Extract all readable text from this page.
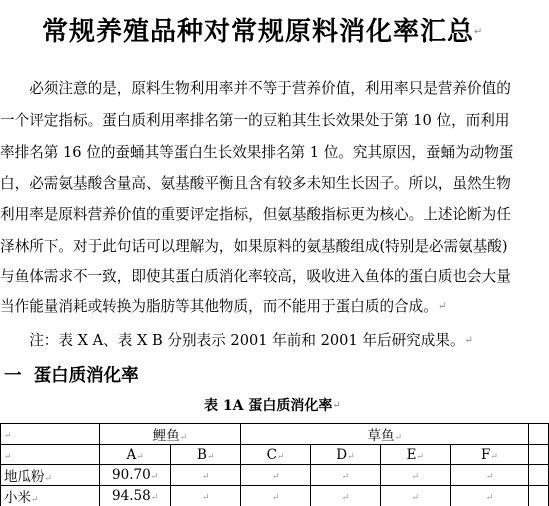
常规养殖品种对常规原料消化率汇总↵
　　必须注意的是，原料生物利用率并不等于营养价值，利用率只是营养价值的
一个评定指标。蛋白质利用率排名第一的豆粕其生长效果处于第 10 位，而利用
率排名第 16 位的蚕蛹其等蛋白生长效果排名第 1 位。究其原因，蚕蛹为动物蛋
白，必需氨基酸含量高、氨基酸平衡且含有较多未知生长因子。所以，虽然生物
利用率是原料营养价值的重要评定指标，但氨基酸指标更为核心。上述论断为任
泽林所下。对于此句话可以理解为，如果原料的氨基酸组成(特别是必需氨基酸)
与鱼体需求不一致，即使其蛋白质消化率较高，吸收进入鱼体的蛋白质也会大量
当作能量消耗或转换为脂肪等其他物质，而不能用于蛋白质的合成。↵
　　注：表 X A、表 X B 分别表示 2001 年前和 2001 年后研究成果。↵
一 蛋白质消化率
表 1A 蛋白质消化率↵
↵	鲤鱼↵		草鱼↵				
↵	A↵	B↵	C↵	D↵	E↵	F↵	
地瓜粉↵	90.70↵	↵	↵	↵	↵	↵	
小米↵	94.58↵	↵	↵	↵	↵	↵	
